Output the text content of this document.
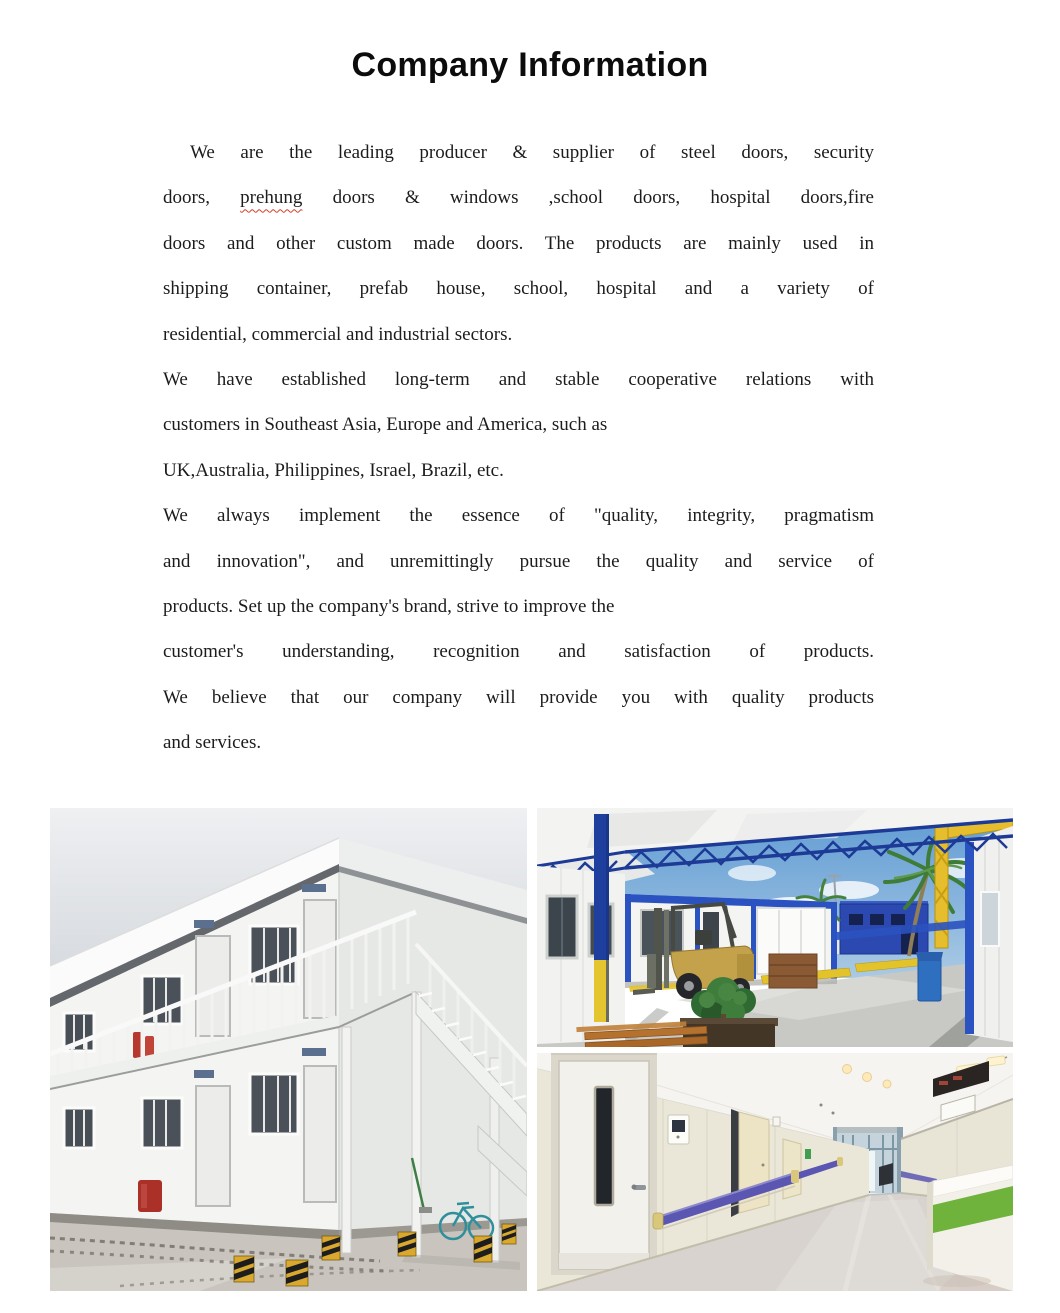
Company Information
We are the leading producer & supplier of steel doors, security
doors, prehung doors & windows ,school doors, hospital doors,fire
doors and other custom made doors. The products are mainly used in
shipping container, prefab house, school, hospital and a variety of
residential, commercial and industrial sectors.
We have established long-term and stable cooperative relations with
customers in Southeast Asia, Europe and America, such as
UK,Australia, Philippines, Israel, Brazil, etc.
We always implement the essence of "quality, integrity, pragmatism
and innovation", and unremittingly pursue the quality and service of
products. Set up the company's brand, strive to improve the
customer's understanding, recognition and satisfaction of products.
We believe that our company will provide you with quality products
and services.
